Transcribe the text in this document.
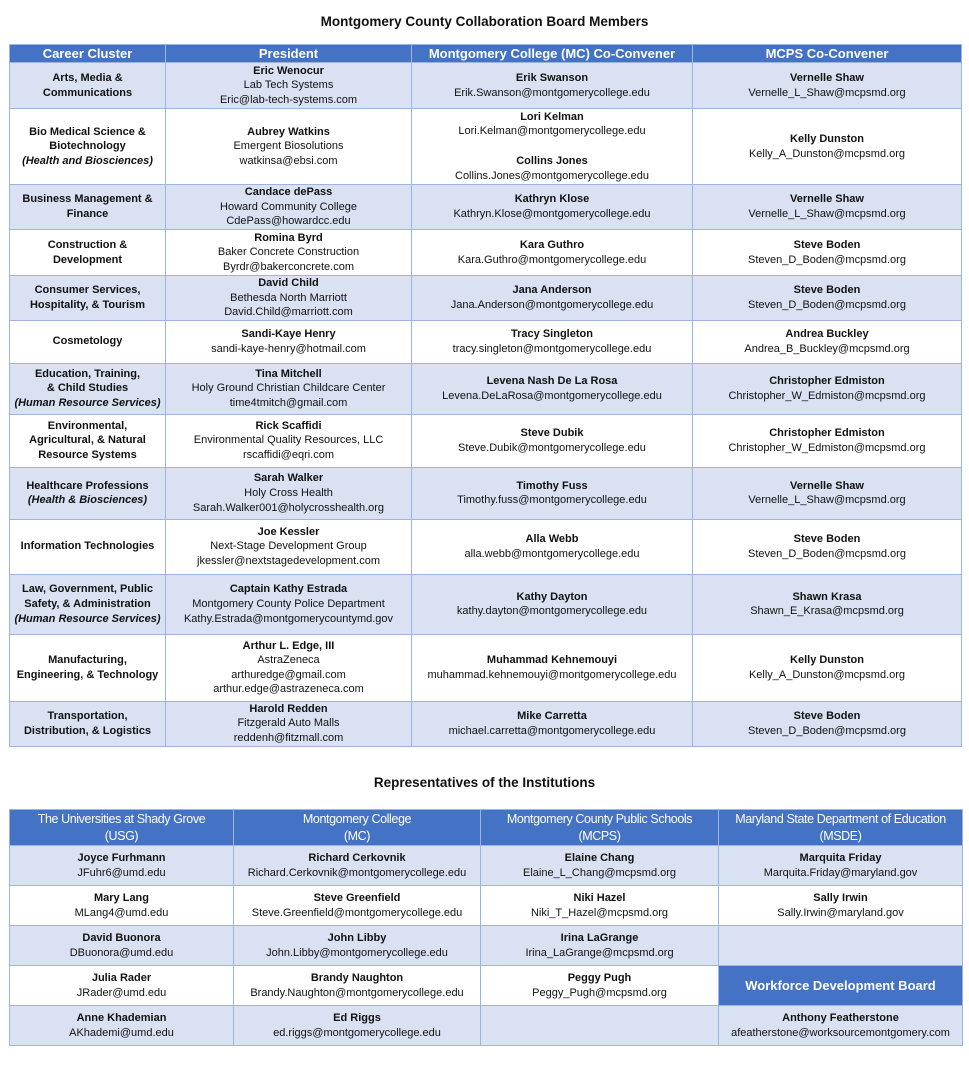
Montgomery County Collaboration Board Members
Career Cluster	President	Montgomery College (MC) Co-Convener	MCPS Co-Convener

Arts, Media &
Communications	Eric Wenocur
Lab Tech Systems
Eric@lab-tech-systems.com	Erik Swanson
Erik.Swanson@montgomerycollege.edu	Vernelle Shaw
Vernelle_L_Shaw@mcpsmd.org

Bio Medical Science &
Biotechnology
(Health and Biosciences)	Aubrey Watkins
Emergent Biosolutions
watkinsa@ebsi.com	Lori Kelman
Lori.Kelman@montgomerycollege.edu
Collins Jones
Collins.Jones@montgomerycollege.edu	Kelly Dunston
Kelly_A_Dunston@mcpsmd.org

Business Management &
Finance	Candace dePass
Howard Community College
CdePass@howardcc.edu	Kathryn Klose
Kathryn.Klose@montgomerycollege.edu	Vernelle Shaw
Vernelle_L_Shaw@mcpsmd.org

Construction &
Development	Romina Byrd
Baker Concrete Construction
Byrdr@bakerconcrete.com	Kara Guthro
Kara.Guthro@montgomerycollege.edu	Steve Boden
Steven_D_Boden@mcpsmd.org

Consumer Services,
Hospitality, & Tourism	David Child
Bethesda North Marriott
David.Child@marriott.com	Jana Anderson
Jana.Anderson@montgomerycollege.edu	Steve Boden
Steven_D_Boden@mcpsmd.org

Cosmetology	Sandi-Kaye Henry
sandi-kaye-henry@hotmail.com	Tracy Singleton
tracy.singleton@montgomerycollege.edu	Andrea Buckley
Andrea_B_Buckley@mcpsmd.org

Education, Training,
& Child Studies
(Human Resource Services)	Tina Mitchell
Holy Ground Christian Childcare Center
time4tmitch@gmail.com	Levena Nash De La Rosa
Levena.DeLaRosa@montgomerycollege.edu	Christopher Edmiston
Christopher_W_Edmiston@mcpsmd.org

Environmental,
Agricultural, & Natural
Resource Systems	Rick Scaffidi
Environmental Quality Resources, LLC
rscaffidi@eqri.com	Steve Dubik
Steve.Dubik@montgomerycollege.edu	Christopher Edmiston
Christopher_W_Edmiston@mcpsmd.org

Healthcare Professions
(Health & Biosciences)	Sarah Walker
Holy Cross Health
Sarah.Walker001@holycrosshealth.org	Timothy Fuss
Timothy.fuss@montgomerycollege.edu	Vernelle Shaw
Vernelle_L_Shaw@mcpsmd.org

Information Technologies	Joe Kessler
Next-Stage Development Group
jkessler@nextstagedevelopment.com	Alla Webb
alla.webb@montgomerycollege.edu	Steve Boden
Steven_D_Boden@mcpsmd.org

Law, Government, Public
Safety, & Administration
(Human Resource Services)	Captain Kathy Estrada
Montgomery County Police Department
Kathy.Estrada@montgomerycountymd.gov	Kathy Dayton
kathy.dayton@montgomerycollege.edu	Shawn Krasa
Shawn_E_Krasa@mcpsmd.org

Manufacturing,
Engineering, & Technology	Arthur L. Edge, III
AstraZeneca
arthuredge@gmail.com
arthur.edge@astrazeneca.com	Muhammad Kehnemouyi
muhammad.kehnemouyi@montgomerycollege.edu	Kelly Dunston
Kelly_A_Dunston@mcpsmd.org

Transportation,
Distribution, & Logistics	Harold Redden
Fitzgerald Auto Malls
reddenh@fitzmall.com	Mike Carretta
michael.carretta@montgomerycollege.edu	Steve Boden
Steven_D_Boden@mcpsmd.org
Representatives of the Institutions
The Universities at Shady Grove
(USG)	Montgomery College
(MC)	Montgomery County Public Schools
(MCPS)	Maryland State Department of Education
(MSDE)

Joyce Furhmann
JFuhr6@umd.edu	Richard Cerkovnik
Richard.Cerkovnik@montgomerycollege.edu	Elaine Chang
Elaine_L_Chang@mcpsmd.org	Marquita Friday
Marquita.Friday@maryland.gov

Mary Lang
MLang4@umd.edu	Steve Greenfield
Steve.Greenfield@montgomerycollege.edu	Niki Hazel
Niki_T_Hazel@mcpsmd.org	Sally Irwin
Sally.Irwin@maryland.gov

David Buonora
DBuonora@umd.edu	John Libby
John.Libby@montgomerycollege.edu	Irina LaGrange
Irina_LaGrange@mcpsmd.org	

Julia Rader
JRader@umd.edu	Brandy Naughton
Brandy.Naughton@montgomerycollege.edu	Peggy Pugh
Peggy_Pugh@mcpsmd.org	Workforce Development Board

Anne Khademian
AKhademi@umd.edu	Ed Riggs
ed.riggs@montgomerycollege.edu		Anthony Featherstone
afeatherstone@worksourcemontgomery.com
